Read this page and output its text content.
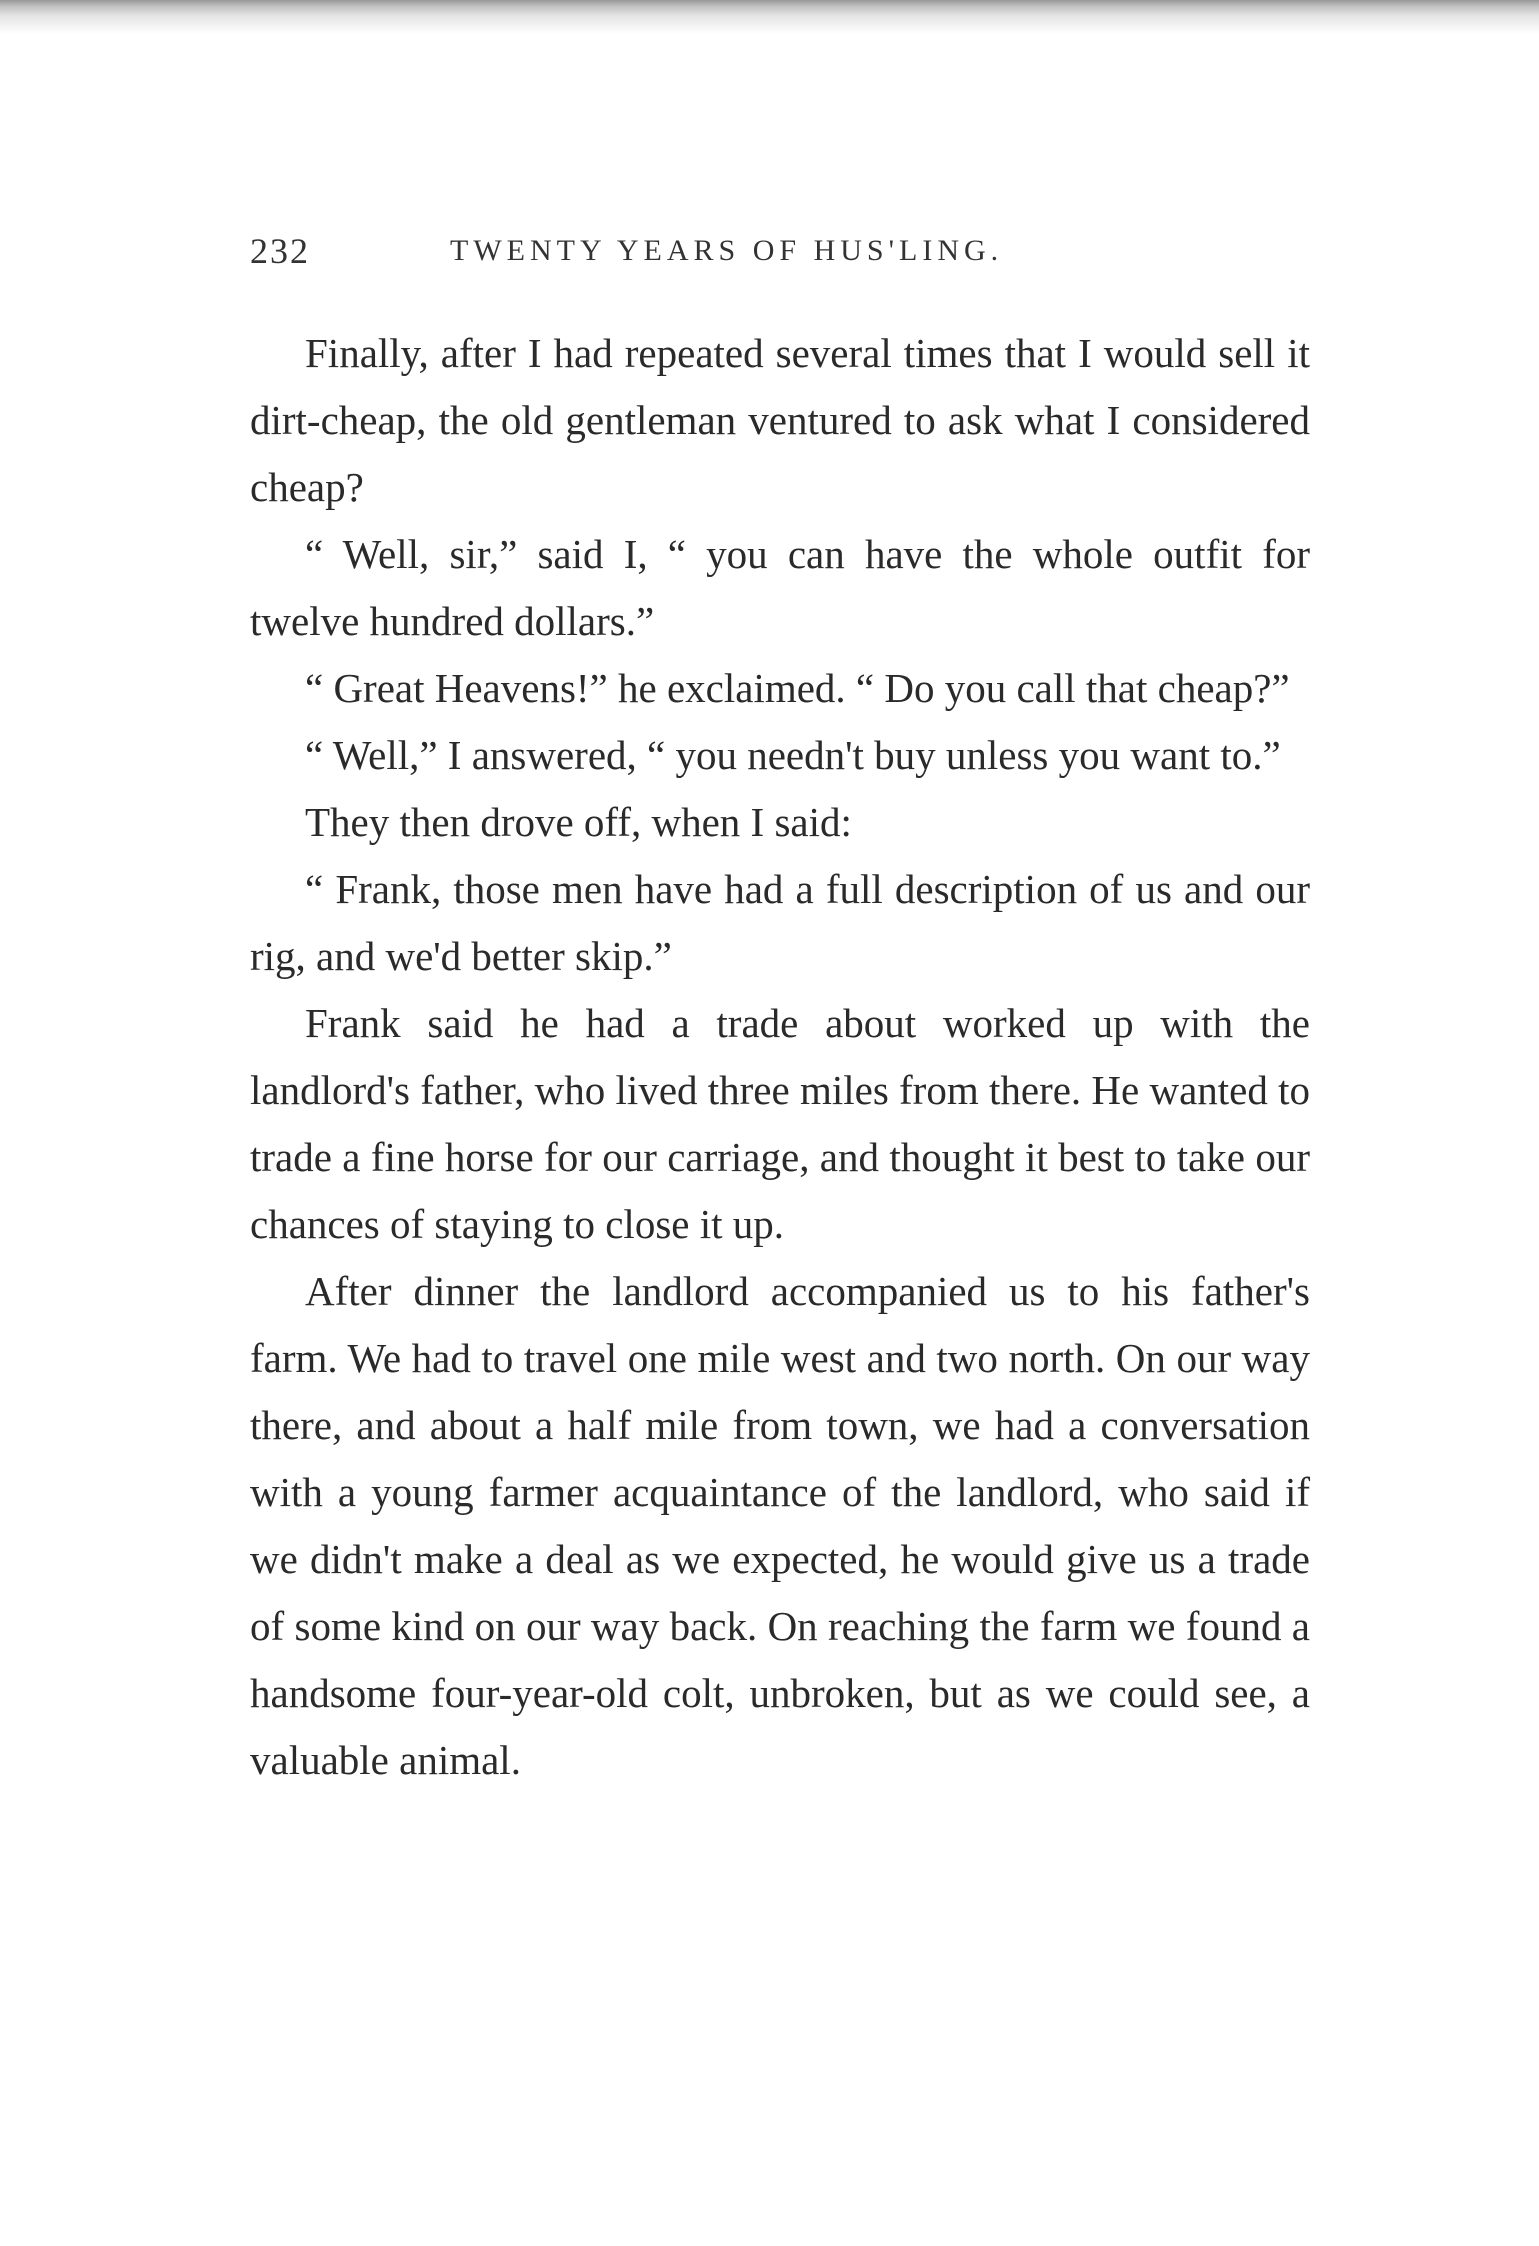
232	TWENTY YEARS OF HUS'LING.

Finally, after I had repeated several times that I would sell it dirt-cheap, the old gentleman ventured to ask what I considered cheap?

“ Well, sir,” said I, “ you can have the whole outfit for twelve hundred dollars.”

“ Great Heavens!” he exclaimed. “ Do you call that cheap?”

“ Well,” I answered, “ you needn't buy unless you want to.”

They then drove off, when I said:

“ Frank, those men have had a full description of us and our rig, and we'd better skip.”

Frank said he had a trade about worked up with the landlord's father, who lived three miles from there. He wanted to trade a fine horse for our carriage, and thought it best to take our chances of staying to close it up.

After dinner the landlord accompanied us to his father's farm. We had to travel one mile west and two north. On our way there, and about a half mile from town, we had a conversation with a young farmer acquaintance of the landlord, who said if we didn't make a deal as we expected, he would give us a trade of some kind on our way back. On reaching the farm we found a handsome four-year-old colt, unbroken, but as we could see, a valuable animal.
